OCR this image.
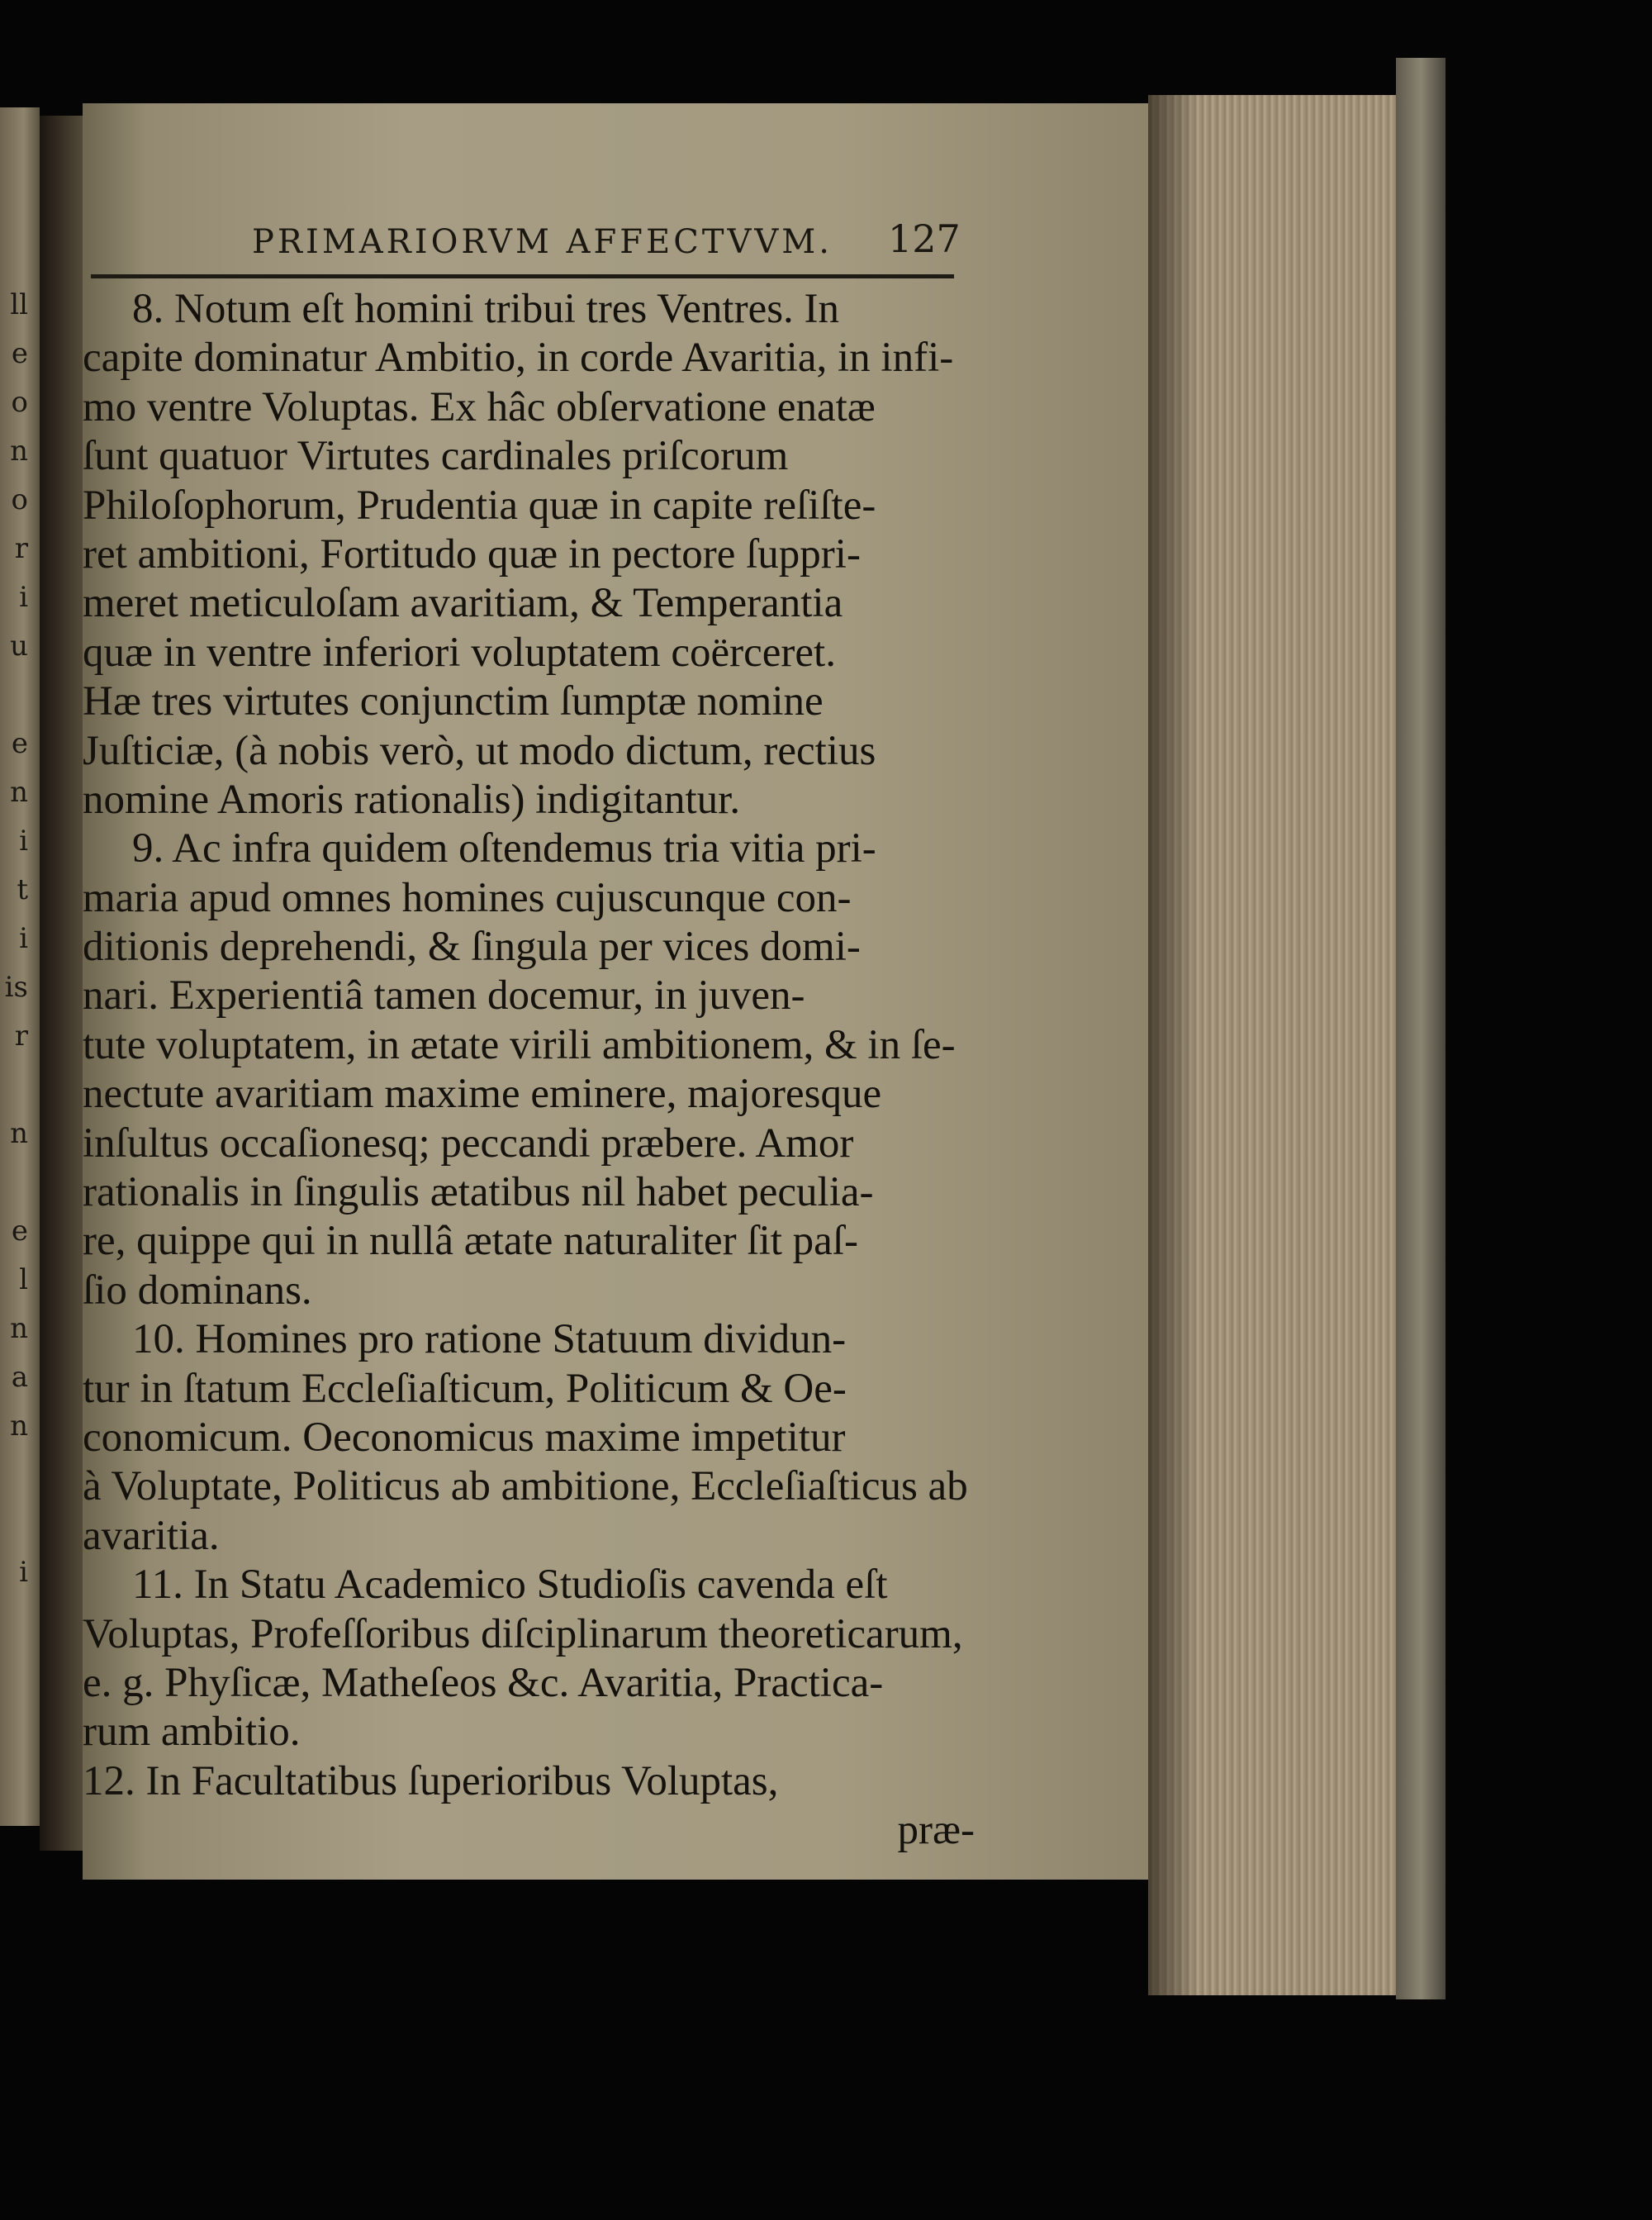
ll
e
o
n
o
r
i
u

e
n
i
t
i
is
r

n

e
l
n
a
n

i

PRIMARIORVM AFFECTVVM. 127
8. Notum eſt homini tribui tres Ventres. In
capite dominatur Ambitio, in corde Avaritia, in infi-
mo ventre Voluptas. Ex hâc obſervatione enatæ
ſunt quatuor Virtutes cardinales priſcorum
Philoſophorum, Prudentia quæ in capite reſiſte-
ret ambitioni, Fortitudo quæ in pectore ſuppri-
meret meticuloſam avaritiam, & Temperantia
quæ in ventre inferiori voluptatem coërceret.
Hæ tres virtutes conjunctim ſumptæ nomine
Juſticiæ, (à nobis verò, ut modo dictum, rectius
nomine Amoris rationalis) indigitantur.
9. Ac infra quidem oſtendemus tria vitia pri-
maria apud omnes homines cujuscunque con-
ditionis deprehendi, & ſingula per vices domi-
nari. Experientiâ tamen docemur, in juven-
tute voluptatem, in ætate virili ambitionem, & in ſe-
nectute avaritiam maxime eminere, majoresque
inſultus occaſionesq; peccandi præbere. Amor
rationalis in ſingulis ætatibus nil habet peculia-
re, quippe qui in nullâ ætate naturaliter ſit paſ-
ſio dominans.
10. Homines pro ratione Statuum dividun-
tur in ſtatum Eccleſiaſticum, Politicum & Oe-
conomicum. Oeconomicus maxime impetitur
à Voluptate, Politicus ab ambitione, Eccleſiaſticus ab
avaritia.
11. In Statu Academico Studioſis cavenda eſt
Voluptas, Profeſſoribus diſciplinarum theoreticarum,
e. g. Phyſicæ, Matheſeos &c. Avaritia, Practica-
rum ambitio.
12. In Facultatibus ſuperioribus Voluptas,
præ-
